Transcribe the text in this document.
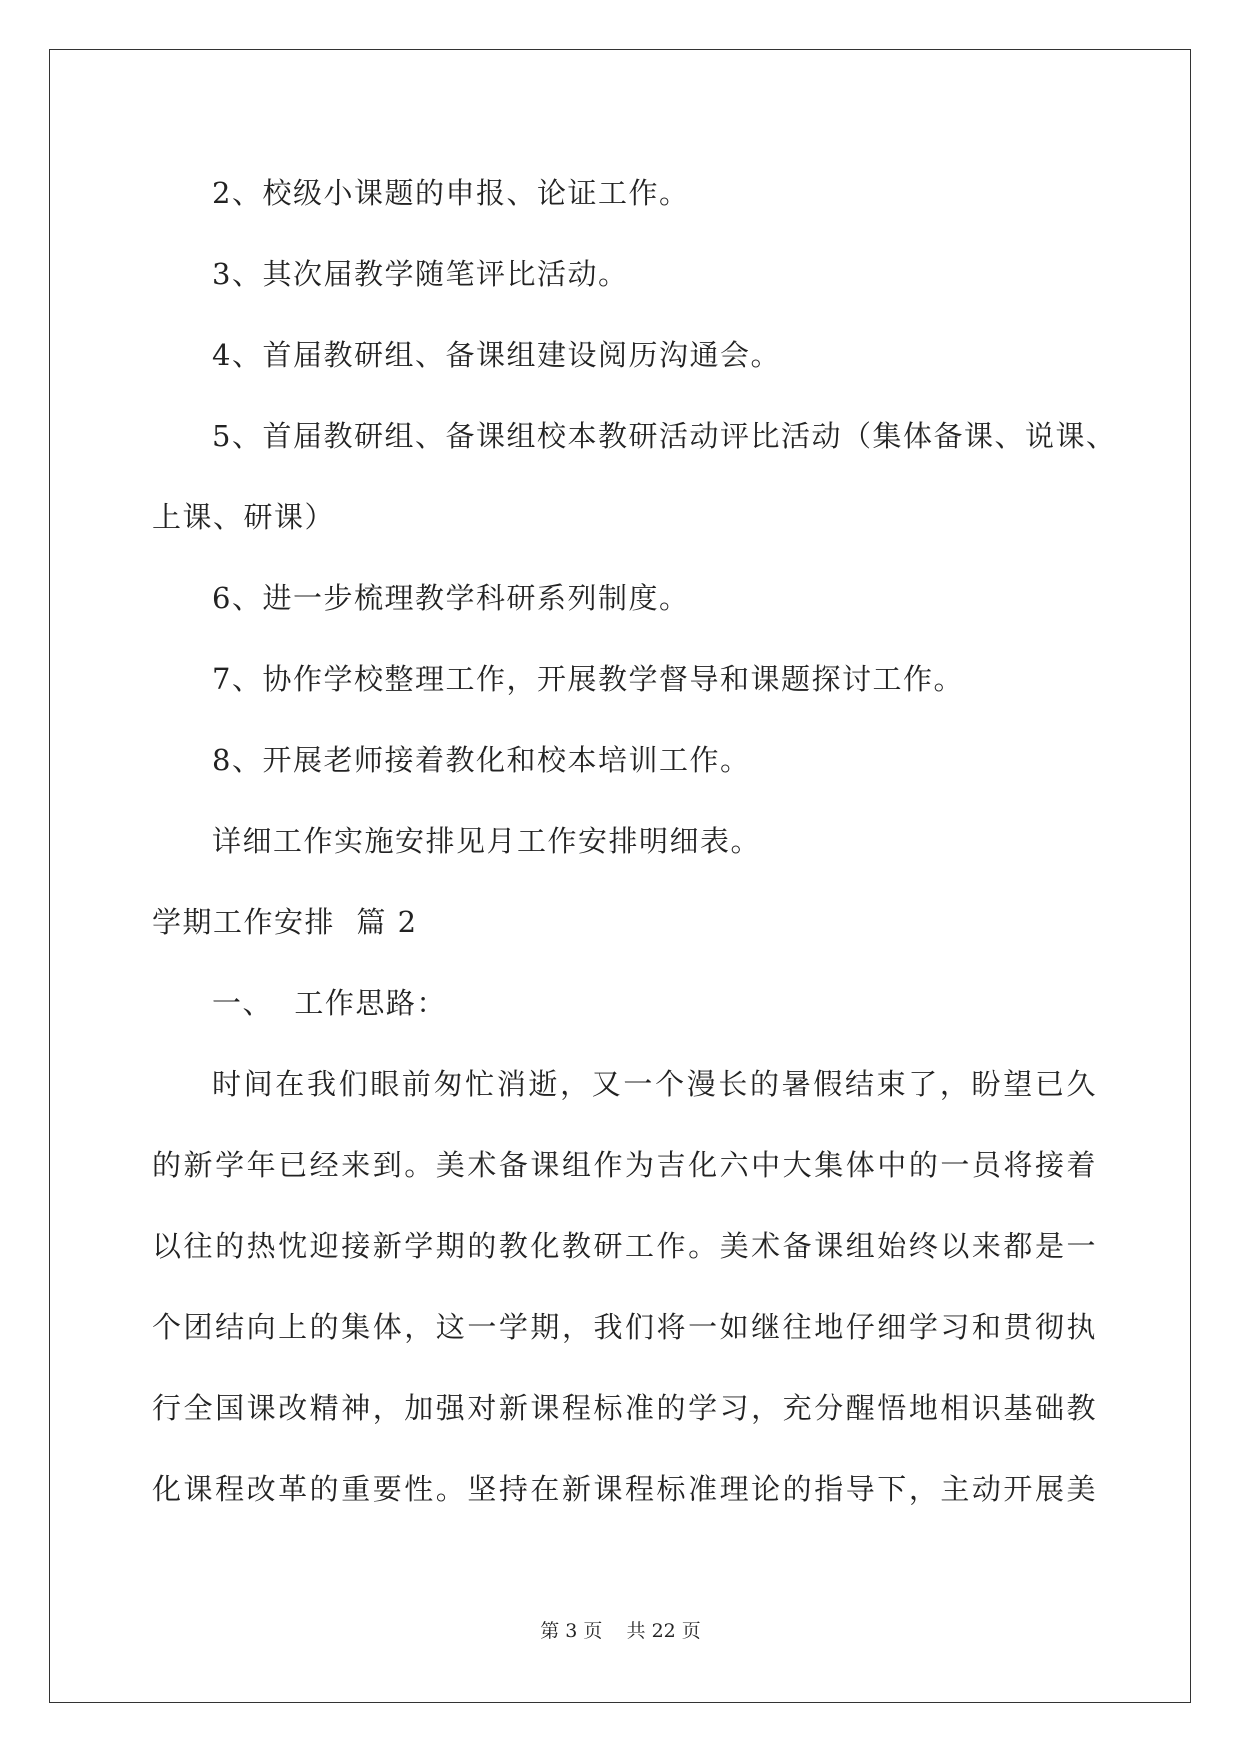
2、校级小课题的申报、论证工作。
3、其次届教学随笔评比活动。
4、首届教研组、备课组建设阅历沟通会。
5、首届教研组、备课组校本教研活动评比活动（集体备课、说课、
上课、研课）
6、进一步梳理教学科研系列制度。
7、协作学校整理工作，开展教学督导和课题探讨工作。
8、开展老师接着教化和校本培训工作。
详细工作实施安排见月工作安排明细表。
学期工作安排  篇 2
一、  工作思路：
时间在我们眼前匆忙消逝，又一个漫长的暑假结束了，盼望已久
的新学年已经来到。美术备课组作为吉化六中大集体中的一员将接着
以往的热忱迎接新学期的教化教研工作。美术备课组始终以来都是一
个团结向上的集体，这一学期，我们将一如继往地仔细学习和贯彻执
行全国课改精神，加强对新课程标准的学习，充分醒悟地相识基础教
化课程改革的重要性。坚持在新课程标准理论的指导下，主动开展美
第 3 页    共 22 页
